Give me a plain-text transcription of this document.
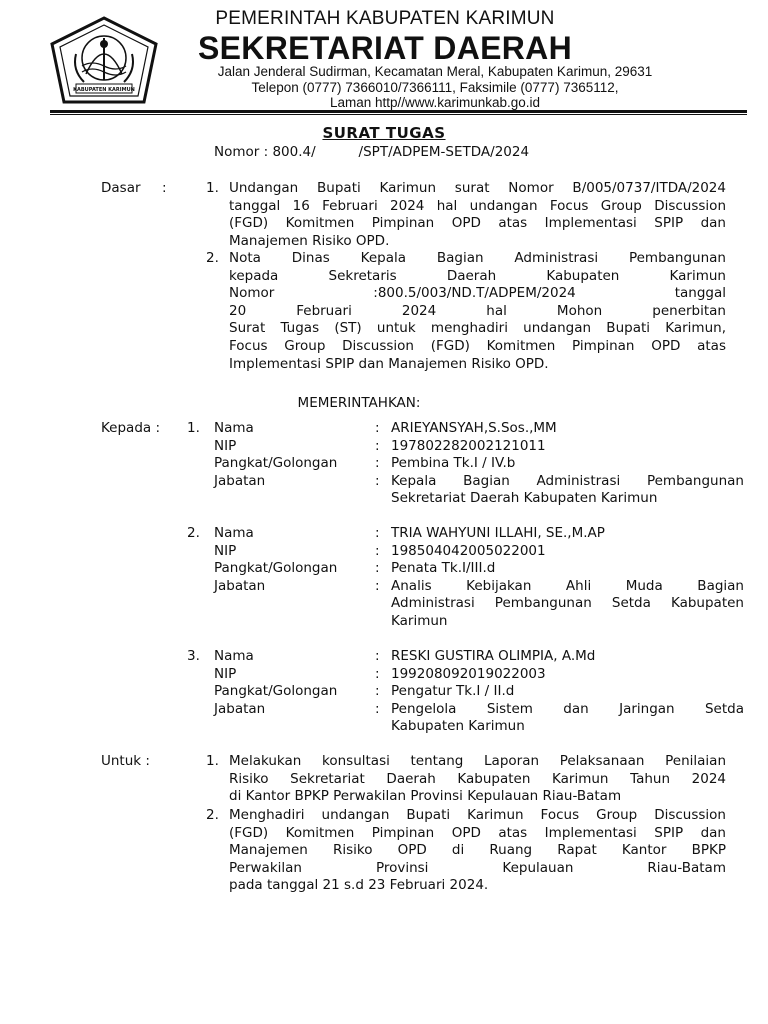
KABUPATEN KARIMUN
PEMERINTAH KABUPATEN KARIMUN
SEKRETARIAT DAERAH
Jalan Jenderal Sudirman, Kecamatan Meral, Kabupaten Karimun, 29631
Telepon (0777) 7366010/7366111, Faksimile (0777) 7365112,
Laman http//www.karimunkab.go.id
SURAT TUGAS
Nomor : 800.4/          /SPT/ADPEM-SETDA/2024
Dasar :	1. Undangan Bupati Karimun surat Nomor B/005/0737/ITDA/2024
tanggal 16 Februari 2024 hal undangan Focus Group Discussion
(FGD) Komitmen Pimpinan OPD atas Implementasi SPIP dan
Manajemen Risiko OPD.
2. Nota Dinas Kepala Bagian Administrasi Pembangunan
kepada Sekretaris Daerah Kabupaten Karimun
Nomor :800.5/003/ND.T/ADPEM/2024 tanggal
20 Februari 2024 hal Mohon penerbitan
Surat Tugas (ST) untuk menghadiri undangan Bupati Karimun,
Focus Group Discussion (FGD) Komitmen Pimpinan OPD atas
Implementasi SPIP dan Manajemen Risiko OPD.
MEMERINTAHKAN:
Kepada : 1. Nama
NIP
Pangkat/Golongan
Jabatan
:
:
:
:
ARIEYANSYAH,S.Sos.,MM
197802282002121011
Pembina Tk.I / IV.b
Kepala Bagian Administrasi Pembangunan
Sekretariat Daerah Kabupaten Karimun
2. Nama
NIP
Pangkat/Golongan
Jabatan
:
:
:
:
TRIA WAHYUNI ILLAHI, SE.,M.AP
198504042005022001
Penata Tk.I/III.d
Analis Kebijakan Ahli Muda Bagian
Administrasi Pembangunan Setda Kabupaten
Karimun
3. Nama
NIP
Pangkat/Golongan
Jabatan
:
:
:
:
RESKI GUSTIRA OLIMPIA, A.Md
199208092019022003
Pengatur Tk.I / II.d
Pengelola Sistem dan Jaringan Setda
Kabupaten Karimun
Untuk :	1. Melakukan konsultasi tentang Laporan Pelaksanaan Penilaian
Risiko Sekretariat Daerah Kabupaten Karimun Tahun 2024
di Kantor BPKP Perwakilan Provinsi Kepulauan Riau-Batam
2. Menghadiri undangan Bupati Karimun Focus Group Discussion
(FGD) Komitmen Pimpinan OPD atas Implementasi SPIP dan
Manajemen Risiko OPD di Ruang Rapat Kantor BPKP
Perwakilan Provinsi Kepulauan Riau-Batam
pada tanggal 21 s.d 23 Februari 2024.
